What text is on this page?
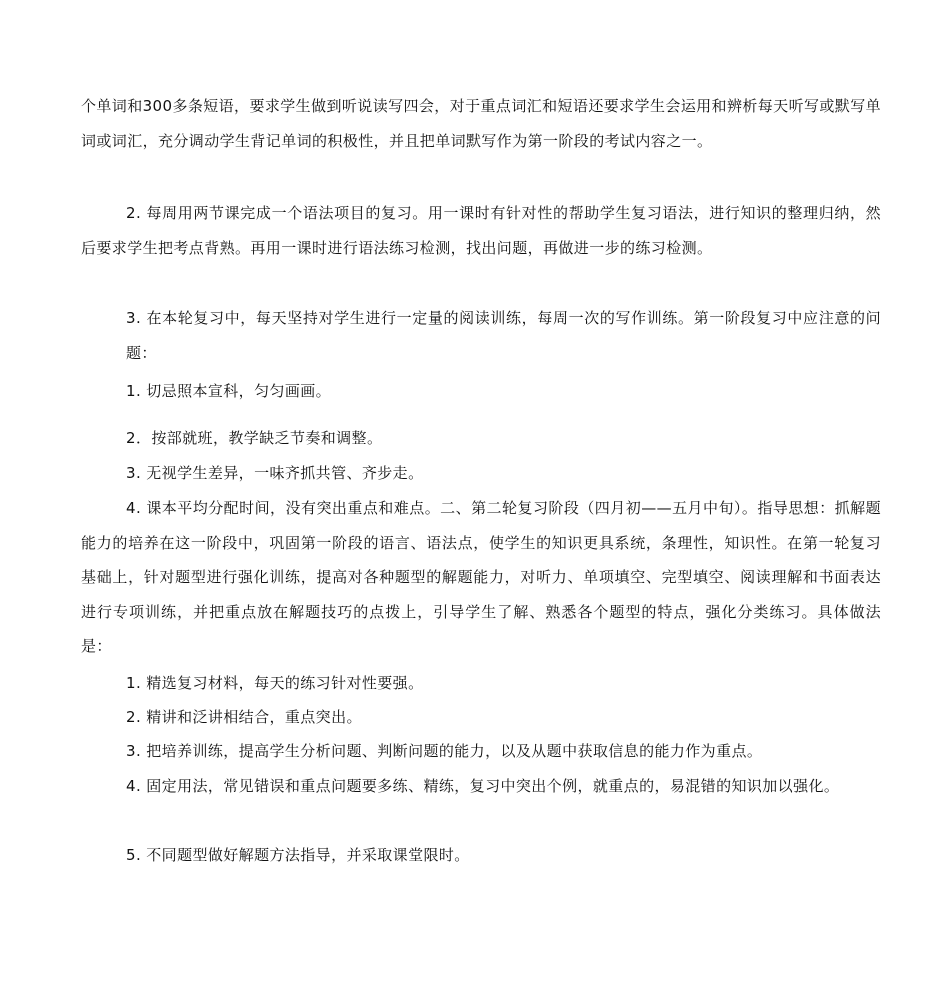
个单词和300多条短语，要求学生做到听说读写四会，对于重点词汇和短语还要求学生会运用和辨析每天听写或默写单词或词汇，充分调动学生背记单词的积极性，并且把单词默写作为第一阶段的考试内容之一。

2. 每周用两节课完成一个语法项目的复习。用一课时有针对性的帮助学生复习语法，进行知识的整理归纳，然后要求学生把考点背熟。再用一课时进行语法练习检测，找出问题，再做进一步的练习检测。

3. 在本轮复习中，每天坚持对学生进行一定量的阅读训练，每周一次的写作训练。第一阶段复习中应注意的问题：

1. 切忌照本宣科，匀匀画画。

2．按部就班，教学缺乏节奏和调整。

3. 无视学生差异，一味齐抓共管、齐步走。

4. 课本平均分配时间，没有突出重点和难点。二、第二轮复习阶段（四月初——五月中旬）。指导思想：抓解题能力的培养在这一阶段中，巩固第一阶段的语言、语法点，使学生的知识更具系统，条理性，知识性。在第一轮复习基础上，针对题型进行强化训练，提高对各种题型的解题能力，对听力、单项填空、完型填空、阅读理解和书面表达进行专项训练，并把重点放在解题技巧的点拨上，引导学生了解、熟悉各个题型的特点，强化分类练习。具体做法是：

1. 精选复习材料，每天的练习针对性要强。

2. 精讲和泛讲相结合，重点突出。

3. 把培养训练，提高学生分析问题、判断问题的能力，以及从题中获取信息的能力作为重点。

4. 固定用法，常见错误和重点问题要多练、精练，复习中突出个例，就重点的，易混错的知识加以强化。

5. 不同题型做好解题方法指导，并采取课堂限时。
